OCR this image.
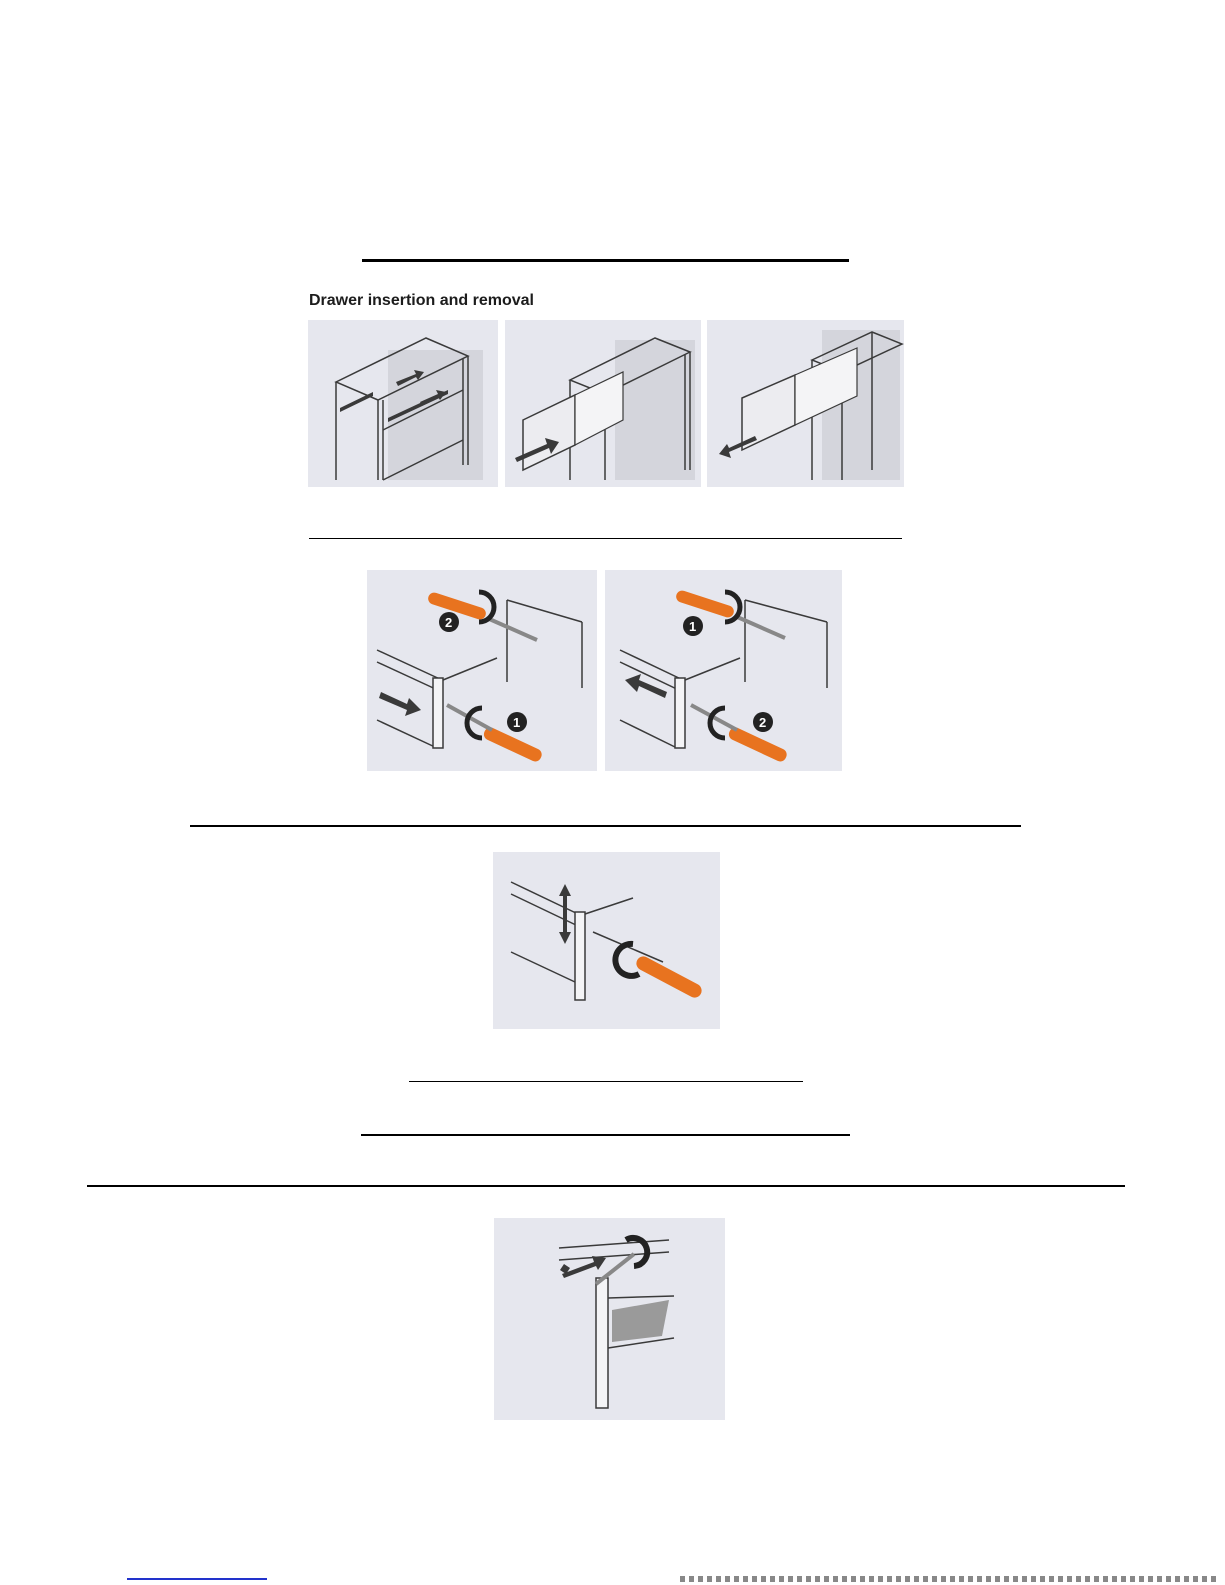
Drawer insertion and removal
2
1
1
2
